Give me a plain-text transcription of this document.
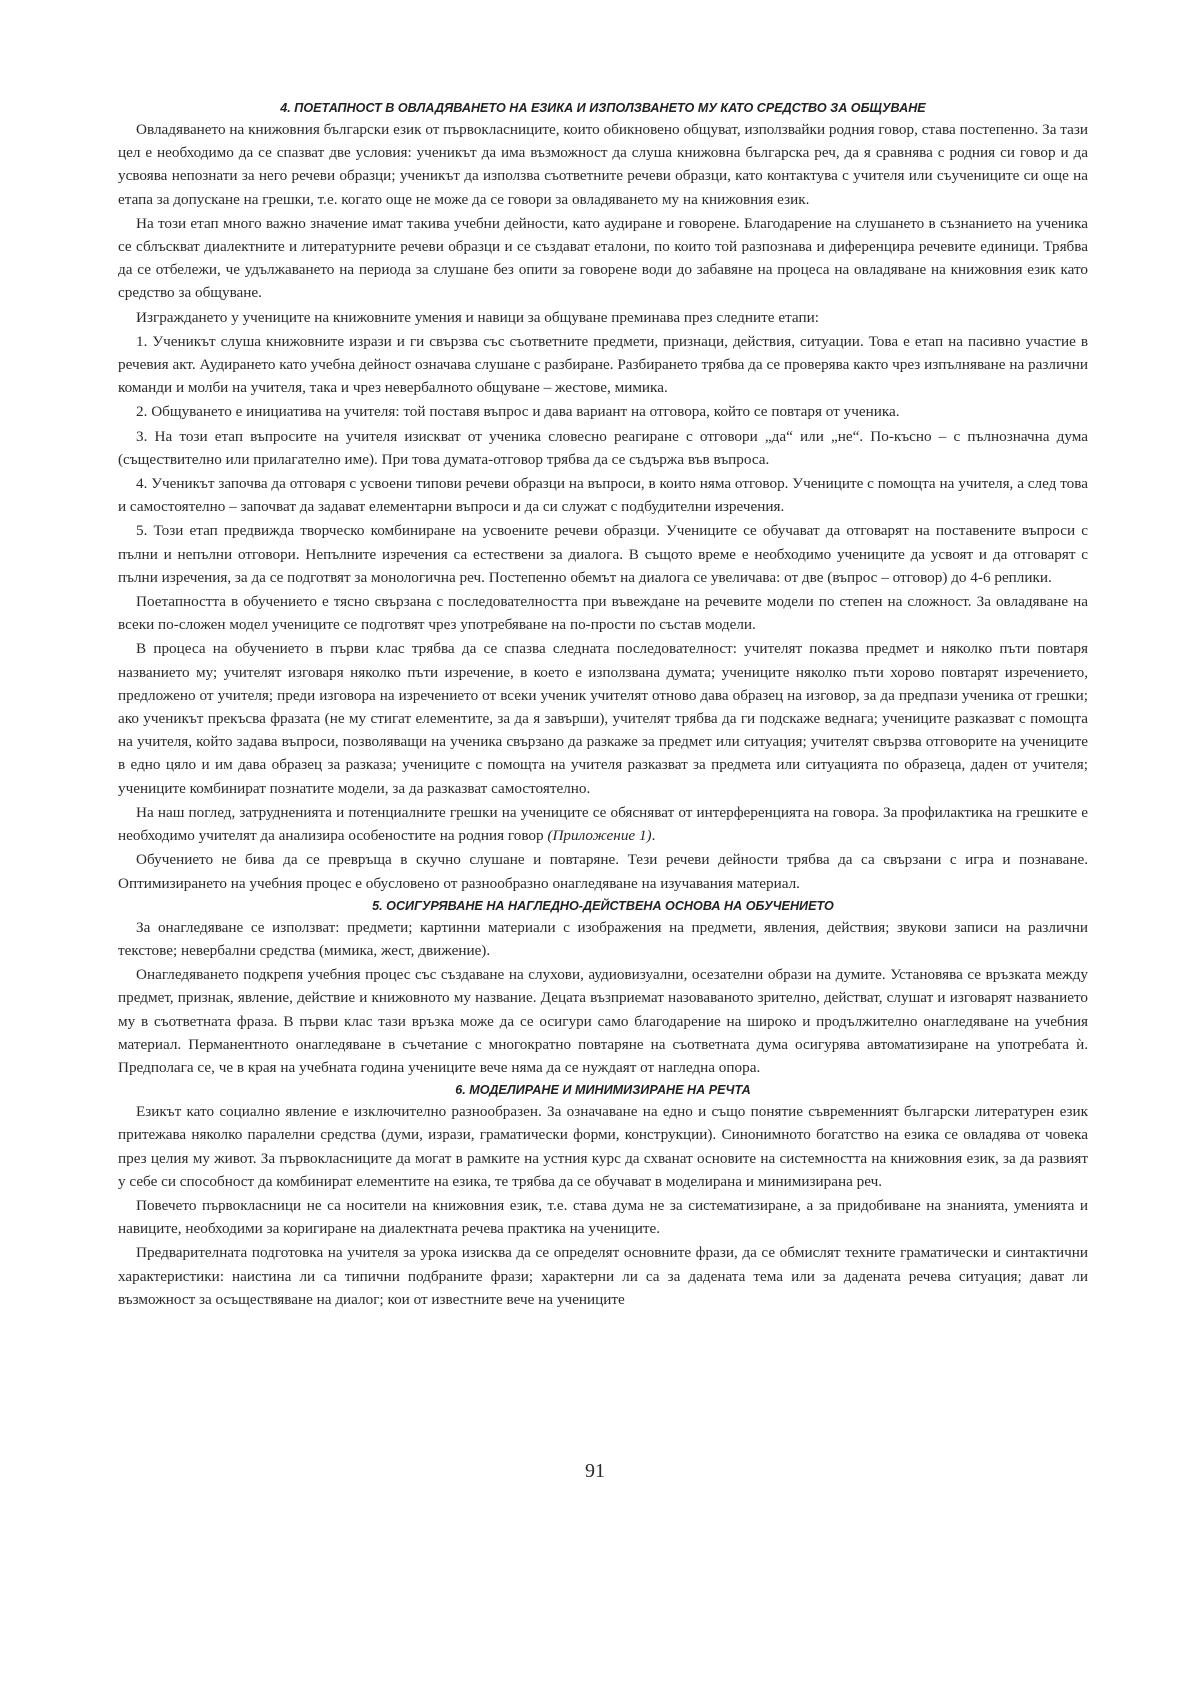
4. ПОЕТАПНОСТ В ОВЛАДЯВАНЕТО НА ЕЗИКА И ИЗПОЛЗВАНЕТО МУ КАТО СРЕДСТВО ЗА ОБЩУВАНЕ

Овладяването на книжовния български език от първокласниците, които обикновено общуват, използвайки родния говор, става постепенно. За тази цел е необходимо да се спазват две условия: ученикът да има възможност да слуша книжовна българска реч, да я сравнява с родния си говор и да усвоява непознати за него речеви образци; ученикът да използва съответните речеви образци, като контактува с учителя или съучениците си още на етапа за допускане на грешки, т.е. когато още не може да се говори за овладяването му на книжовния език.

На този етап много важно значение имат такива учебни дейности, като аудиране и говорене. Благодарение на слушането в съзнанието на ученика се сблъскват диалектните и литературните речеви образци и се създават еталони, по които той разпознава и диференцира речевите единици. Трябва да се отбележи, че удължаването на периода за слушане без опити за говорене води до забавяне на процеса на овладяване на книжовния език като средство за общуване.

Изграждането у учениците на книжовните умения и навици за общуване преминава през следните етапи:

1. Ученикът слуша книжовните изрази и ги свързва със съответните предмети, признаци, действия, ситуации. Това е етап на пасивно участие в речевия акт. Аудирането като учебна дейност означава слушане с разбиране. Разбирането трябва да се проверява както чрез изпълняване на различни команди и молби на учителя, така и чрез невербалното общуване – жестове, мимика.

2. Общуването е инициатива на учителя: той поставя въпрос и дава вариант на отговора, който се повтаря от ученика.

3. На този етап въпросите на учителя изискват от ученика словесно реагиране с отговори „да“ или „не“. По-късно – с пълнозначна дума (съществително или прилагателно име). При това думата-отговор трябва да се съдържа във въпроса.

4. Ученикът започва да отговаря с усвоени типови речеви образци на въпроси, в които няма отговор. Учениците с помощта на учителя, а след това и самостоятелно – започват да задават елементарни въпроси и да си служат с подбудителни изречения.

5. Този етап предвижда творческо комбиниране на усвоените речеви образци. Учениците се обучават да отговарят на поставените въпроси с пълни и непълни отговори. Непълните изречения са естествени за диалога. В същото време е необходимо учениците да усвоят и да отговарят с пълни изречения, за да се подготвят за монологична реч. Постепенно обемът на диалога се увеличава: от две (въпрос – отговор) до 4-6 реплики.

Поетапността в обучението е тясно свързана с последователността при въвеждане на речевите модели по степен на сложност. За овладяване на всеки по-сложен модел учениците се подготвят чрез употребяване на по-прости по състав модели.

В процеса на обучението в първи клас трябва да се спазва следната последователност: учителят показва предмет и няколко пъти повтаря названието му; учителят изговаря няколко пъти изречение, в което е използвана думата; учениците няколко пъти хорово повтарят изречението, предложено от учителя; преди изговора на изречението от всеки ученик учителят отново дава образец на изговор, за да предпази ученика от грешки; ако ученикът прекъсва фразата (не му стигат елементите, за да я завърши), учителят трябва да ги подскаже веднага; учениците разказват с помощта на учителя, който задава въпроси, позволяващи на ученика свързано да разкаже за предмет или ситуация; учителят свързва отговорите на учениците в едно цяло и им дава образец за разказа; учениците с помощта на учителя разказват за предмета или ситуацията по образеца, даден от учителя; учениците комбинират познатите модели, за да разказват самостоятелно.

На наш поглед, затрудненията и потенциалните грешки на учениците се обясняват от интерференцията на говора. За профилактика на грешките е необходимо учителят да анализира особеностите на родния говор (Приложение 1).

Обучението не бива да се превръща в скучно слушане и повтаряне. Тези речеви дейности трябва да са свързани с игра и познаване. Оптимизирането на учебния процес е обусловено от разнообразно онагледяване на изучавания материал.

5. ОСИГУРЯВАНЕ НА НАГЛЕДНО-ДЕЙСТВЕНА ОСНОВА НА ОБУЧЕНИЕТО

За онагледяване се използват: предмети; картинни материали с изображения на предмети, явления, действия; звукови записи на различни текстове; невербални средства (мимика, жест, движение).

Онагледяването подкрепя учебния процес със създаване на слухови, аудиовизуални, осезателни образи на думите. Установява се връзката между предмет, признак, явление, действие и книжовното му название. Децата възприемат назоваваното зрително, действат, слушат и изговарят названието му в съответната фраза. В първи клас тази връзка може да се осигури само благодарение на широко и продължително онагледяване на учебния материал. Перманентното онагледяване в съчетание с многократно повтаряне на съответната дума осигурява автоматизиране на употребата ѝ. Предполага се, че в края на учебната година учениците вече няма да се нуждаят от нагледна опора.

6. МОДЕЛИРАНЕ И МИНИМИЗИРАНЕ НА РЕЧТА

Езикът като социално явление е изключително разнообразен. За означаване на едно и също понятие съвременният български литературен език притежава няколко паралелни средства (думи, изрази, граматически форми, конструкции). Синонимното богатство на езика се овладява от човека през целия му живот. За първокласниците да могат в рамките на устния курс да схванат основите на системността на книжовния език, за да развият у себе си способност да комбинират елементите на езика, те трябва да се обучават в моделирана и минимизирана реч.

Повечето първокласници не са носители на книжовния език, т.е. става дума не за систематизиране, а за придобиване на знанията, уменията и навиците, необходими за коригиране на диалектната речева практика на учениците.

Предварителната подготовка на учителя за урока изисква да се определят основните фрази, да се обмислят техните граматически и синтактични характеристики: наистина ли са типични подбраните фрази; характерни ли са за дадената тема или за дадената речева ситуация; дават ли възможност за осъществяване на диалог; кои от известните вече на учениците

91
